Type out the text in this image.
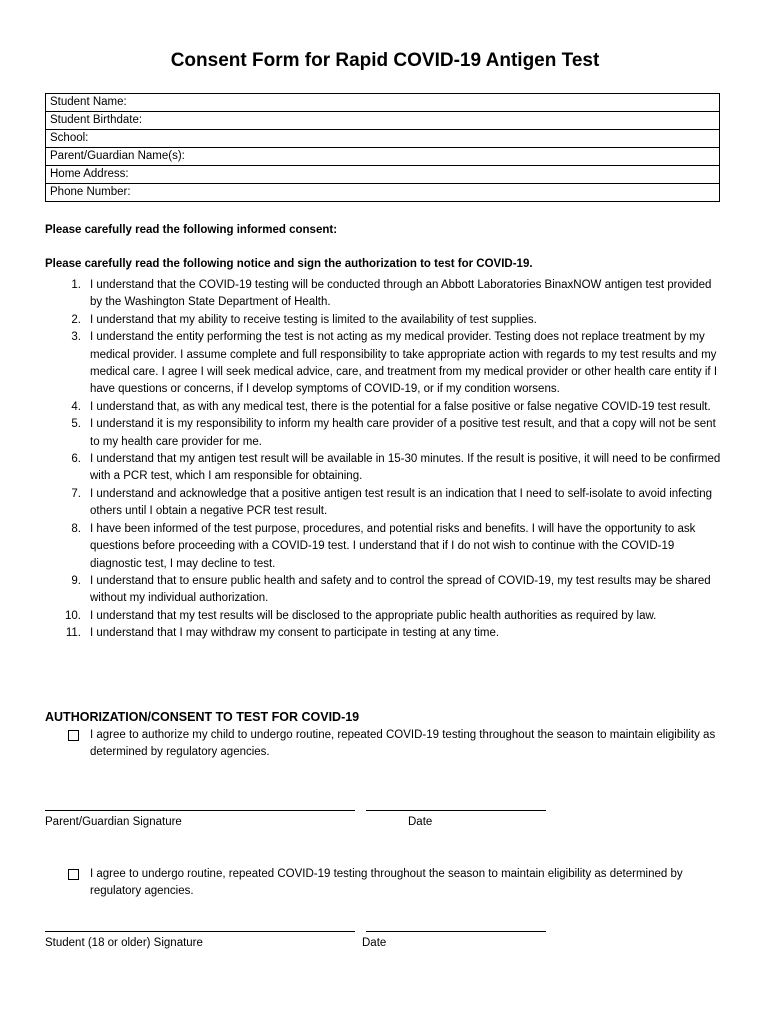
Consent Form for Rapid COVID-19 Antigen Test
Student Name:
Student Birthdate:
School:
Parent/Guardian Name(s):
Home Address:
Phone Number:
Please carefully read the following informed consent:
Please carefully read the following notice and sign the authorization to test for COVID-19.
1. I understand that the COVID-19 testing will be conducted through an Abbott Laboratories BinaxNOW antigen test provided by the Washington State Department of Health.
2. I understand that my ability to receive testing is limited to the availability of test supplies.
3. I understand the entity performing the test is not acting as my medical provider. Testing does not replace treatment by my medical provider. I assume complete and full responsibility to take appropriate action with regards to my test results and my medical care. I agree I will seek medical advice, care, and treatment from my medical provider or other health care entity if I have questions or concerns, if I develop symptoms of COVID-19, or if my condition worsens.
4. I understand that, as with any medical test, there is the potential for a false positive or false negative COVID-19 test result.
5. I understand it is my responsibility to inform my health care provider of a positive test result, and that a copy will not be sent to my health care provider for me.
6. I understand that my antigen test result will be available in 15-30 minutes. If the result is positive, it will need to be confirmed with a PCR test, which I am responsible for obtaining.
7. I understand and acknowledge that a positive antigen test result is an indication that I need to self-isolate to avoid infecting others until I obtain a negative PCR test result.
8. I have been informed of the test purpose, procedures, and potential risks and benefits. I will have the opportunity to ask questions before proceeding with a COVID-19 test. I understand that if I do not wish to continue with the COVID-19 diagnostic test, I may decline to test.
9. I understand that to ensure public health and safety and to control the spread of COVID-19, my test results may be shared without my individual authorization.
10. I understand that my test results will be disclosed to the appropriate public health authorities as required by law.
11. I understand that I may withdraw my consent to participate in testing at any time.
AUTHORIZATION/CONSENT TO TEST FOR COVID-19
I agree to authorize my child to undergo routine, repeated COVID-19 testing throughout the season to maintain eligibility as determined by regulatory agencies.
Parent/Guardian Signature	Date
I agree to undergo routine, repeated COVID-19 testing throughout the season to maintain eligibility as determined by regulatory agencies.
Student (18 or older) Signature	Date
